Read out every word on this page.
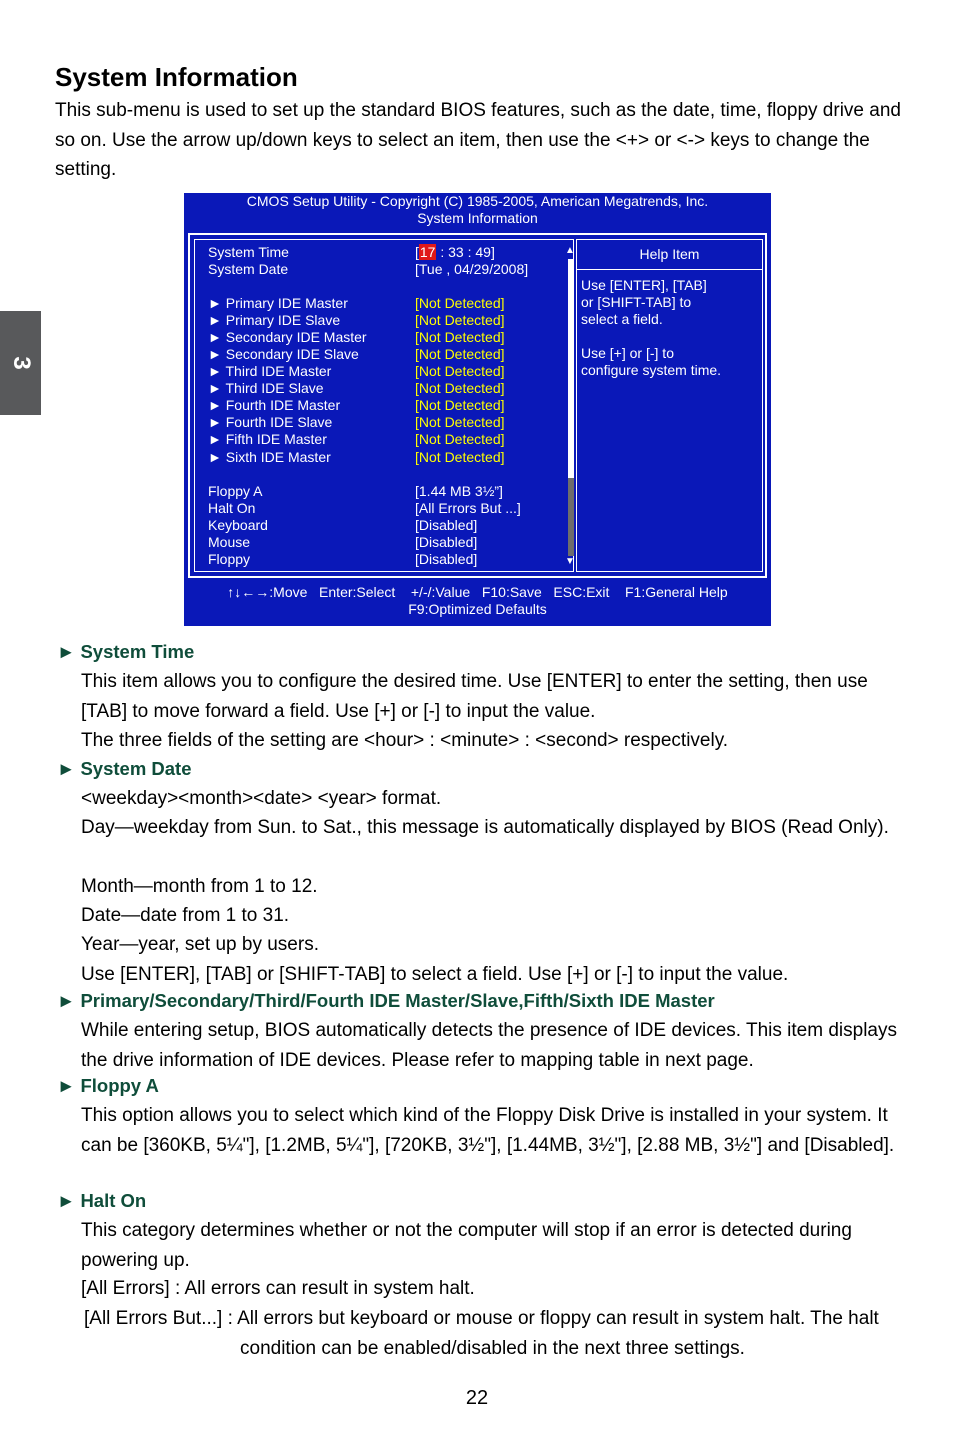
System Information

This sub-menu is used to set up the standard BIOS features, such as the date, time, floppy drive and so on. Use the arrow up/down keys to select an item, then use the <+> or <-> keys to change the setting.

3
CMOS Setup Utility - Copyright (C) 1985-2005, American Megatrends, Inc.
System Information
System Time	[17 : 33 : 49]
System Date	[Tue , 04/29/2008]
► Primary IDE Master	[Not Detected]
► Primary IDE Slave	[Not Detected]
► Secondary IDE Master	[Not Detected]
► Secondary IDE Slave	[Not Detected]
► Third IDE Master	[Not Detected]
► Third IDE Slave	[Not Detected]
► Fourth IDE Master	[Not Detected]
► Fourth IDE Slave	[Not Detected]
► Fifth IDE Master	[Not Detected]
► Sixth IDE Master	[Not Detected]
Floppy A	[1.44 MB 3½”]
Halt On	[All Errors But ...]
Keyboard	[Disabled]
Mouse	[Disabled]
Floppy	[Disabled]
▲
▼
Help Item
Use [ENTER], [TAB]
or [SHIFT-TAB] to
select a field.

Use [+] or [-] to
configure system time.
↑↓←→:Move   Enter:Select    +/-/:Value   F10:Save   ESC:Exit    F1:General Help
F9:Optimized Defaults
► System Time

This item allows you to configure the desired time. Use [ENTER] to enter the setting, then use [TAB] to move forward a field. Use [+] or [-] to input the value.

The three fields of the setting are <hour> : <minute> : <second> respectively.

► System Date

<weekday><month><date> <year> format.

Day—weekday from Sun. to Sat., this message is automatically displayed by BIOS (Read Only).

Month—month from 1 to 12.

Date—date from 1 to 31.

Year—year, set up by users.

Use [ENTER], [TAB] or [SHIFT-TAB] to select a field. Use [+] or [-] to input the value.

► Primary/Secondary/Third/Fourth IDE Master/Slave,Fifth/Sixth IDE Master

While entering setup, BIOS automatically detects the presence of IDE devices. This item displays the drive information of IDE devices. Please refer to mapping table in next page.

► Floppy A

This option allows you to select which kind of the Floppy Disk Drive is installed in your system. It can be [360KB, 5¼"], [1.2MB, 5¼"], [720KB, 3½"], [1.44MB, 3½"], [2.88 MB, 3½"] and [Disabled].

► Halt On

This category determines whether or not the computer will stop if an error is detected during powering up.

[All Errors] : All errors can result in system halt.

[All Errors But...] : All errors but keyboard or mouse or floppy can result in system halt. The halt condition can be enabled/disabled in the next three settings.

22
